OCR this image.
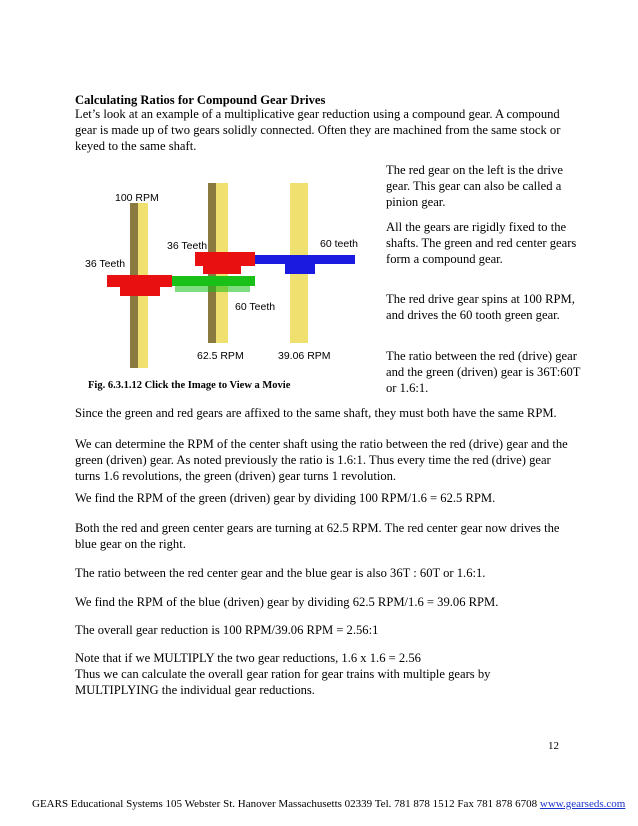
Calculating Ratios for Compound Gear Drives
Let’s look at an example of a multiplicative gear reduction using a compound gear. A compound gear is made up of two gears solidly connected. Often they are machined from the same stock or keyed to the same shaft.
The red gear on the left is the drive gear. This gear can also be called a pinion gear.
All the gears are rigidly fixed to the shafts. The green and red center gears form a compound gear.
The red drive gear spins at 100 RPM, and drives the 60 tooth green gear.
The ratio between the red (drive) gear and the green (driven) gear is 36T:60T or 1.6:1.
100 RPM
36 Teeth
36 Teeth	60 teeth
60 Teeth
62.5 RPM	39.06 RPM
Fig. 6.3.1.12 Click the Image to View a Movie
Since the green and red gears are affixed to the same shaft, they must both have the same RPM.
We can determine the RPM of the center shaft using the ratio between the red (drive) gear and the green (driven) gear. As noted previously the ratio is 1.6:1. Thus every time the red (drive) gear turns 1.6 revolutions, the green (driven) gear turns 1 revolution.
We find the RPM of the green (driven) gear by dividing 100 RPM/1.6 = 62.5 RPM.
Both the red and green center gears are turning at 62.5 RPM. The red center gear now drives the blue gear on the right.
The ratio between the red center gear and the blue gear is also 36T : 60T or 1.6:1.
We find the RPM of the blue (driven) gear by dividing 62.5 RPM/1.6 = 39.06 RPM.
The overall gear reduction is 100 RPM/39.06 RPM = 2.56:1
Note that if we MULTIPLY the two gear reductions, 1.6 x 1.6 = 2.56
Thus we can calculate the overall gear ration for gear trains with multiple gears by MULTIPLYING the individual gear reductions.
12
GEARS Educational Systems 105 Webster St. Hanover Massachusetts 02339 Tel. 781 878 1512 Fax 781 878 6708 www.gearseds.com
